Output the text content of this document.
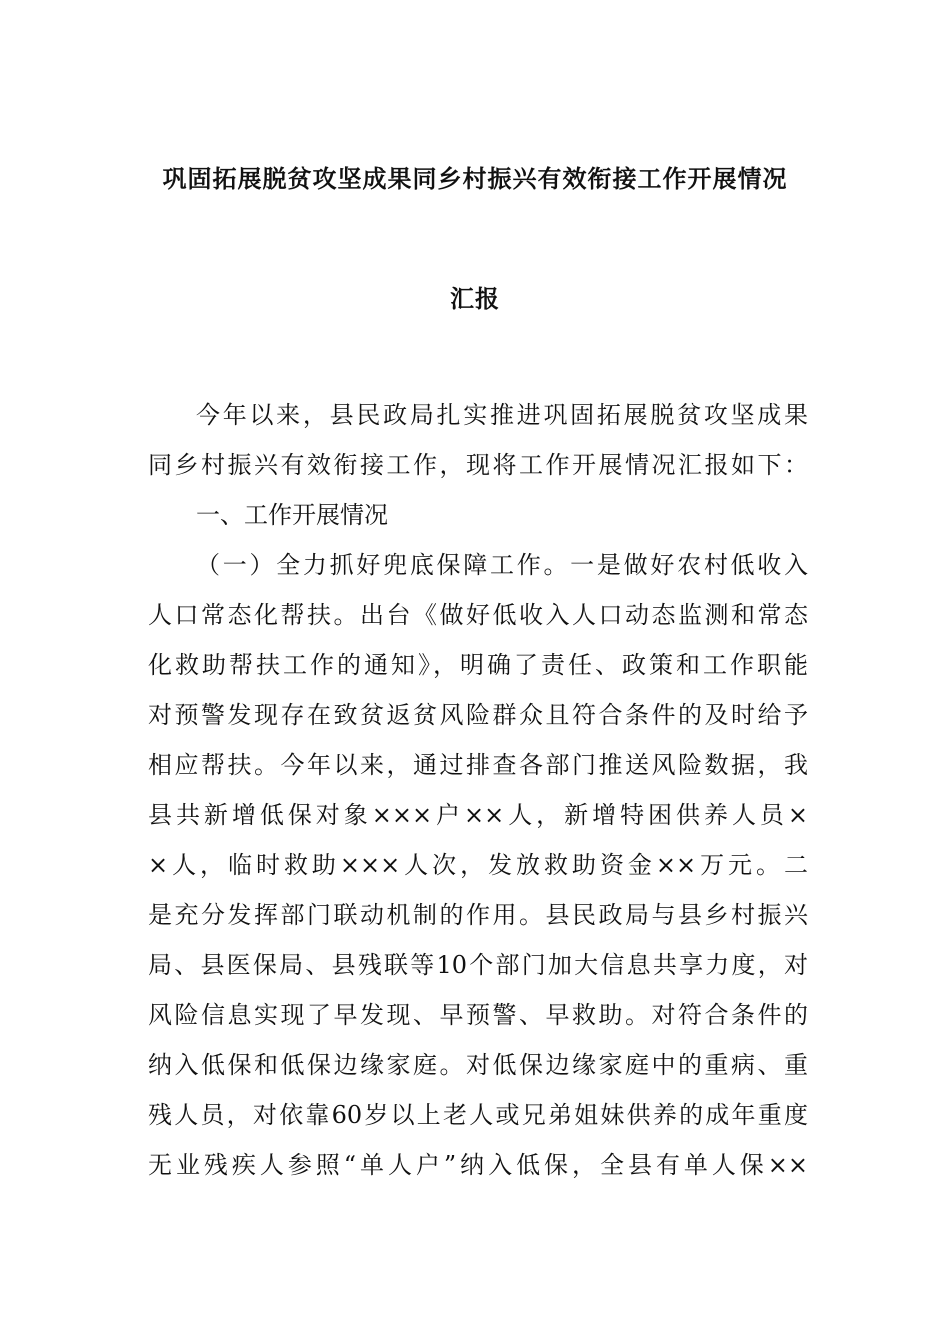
巩固拓展脱贫攻坚成果同乡村振兴有效衔接工作开展情况
汇报
今年以来，县民政局扎实推进巩固拓展脱贫攻坚成果
同乡村振兴有效衔接工作，现将工作开展情况汇报如下：
一、工作开展情况
（一）全力抓好兜底保障工作。一是做好农村低收入
人口常态化帮扶。出台《做好低收入人口动态监测和常态
化救助帮扶工作的通知》，明确了责任、政策和工作职能
对预警发现存在致贫返贫风险群众且符合条件的及时给予
相应帮扶。今年以来，通过排查各部门推送风险数据，我
县共新增低保对象×××户××人，新增特困供养人员×
×人，临时救助×××人次，发放救助资金××万元。二
是充分发挥部门联动机制的作用。县民政局与县乡村振兴
局、县医保局、县残联等10个部门加大信息共享力度，对
风险信息实现了早发现、早预警、早救助。对符合条件的
纳入低保和低保边缘家庭。对低保边缘家庭中的重病、重
残人员，对依靠60岁以上老人或兄弟姐妹供养的成年重度
无业残疾人参照“单人户”纳入低保，全县有单人保××
